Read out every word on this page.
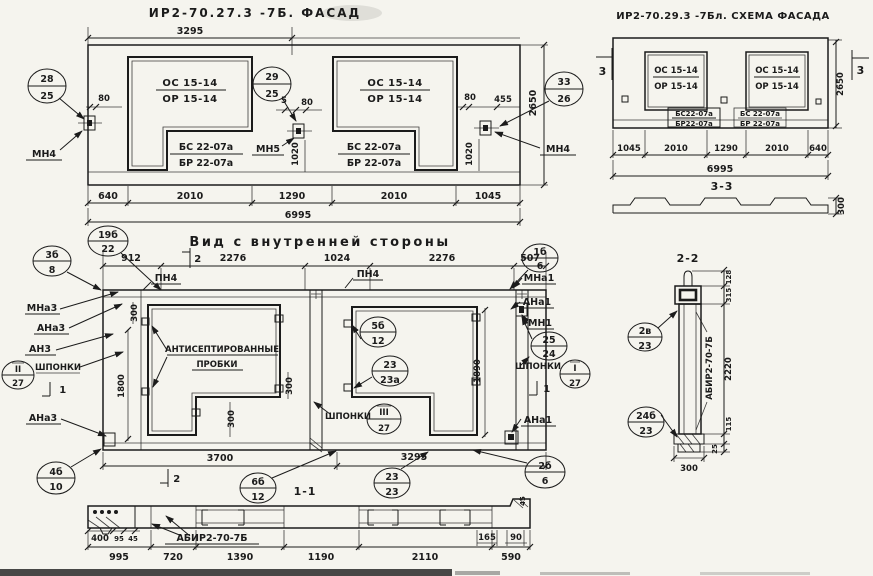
ИР2-70.27.3 -7Б. ФАСАД
ОС 15-14
ОР 15-14
ОС 15-14
ОР 15-14
БС 22-07а
БР 22-07а
БС 22-07а
БР 22-07а
28
25
29
25
33
26
МН4	МН5	МН4
80	5 80	80 455
1020	1020
2650
3295
640	2010	1290	2010	1045
6995
ИР2-70.29.3 -7Бл. СХЕМА ФАСАДА
ОС 15-14
ОР 15-14
ОС 15-14
ОР 15-14
БС22-07а
БР22-07а
БС 22-07а
БР 22-07а
3	3
2650
1045	2010	1290	2010 640
6995
3-3
300
19б
22	Вид с внутренней стороны
912	2276	1024	2276	507
2
ПН4	ПН4
АНТИСЕПТИРОВАННЫЕ
ПРОБКИ
300
1800
300
300
1890
5б
12
23
23а
ШПОНКИ III
27
3б
8
МНа3
АНа3
АН3
II
27
ШПОНКИ
1
АНа3
4б
10
1б
6
МНа1
АНа1
МН1
25
24
ШПОНКИ I
27
1
АНа1
2б
6
23
23
6б
12
3700	3295
2
1-1
АБИР2-70-7Б
400 95 45	165 90
45
995	720	1390	1190	2110	590
2-2
АБИР2-70-7Б
128
315
2220
115
25
300
2в
23
24б
23
